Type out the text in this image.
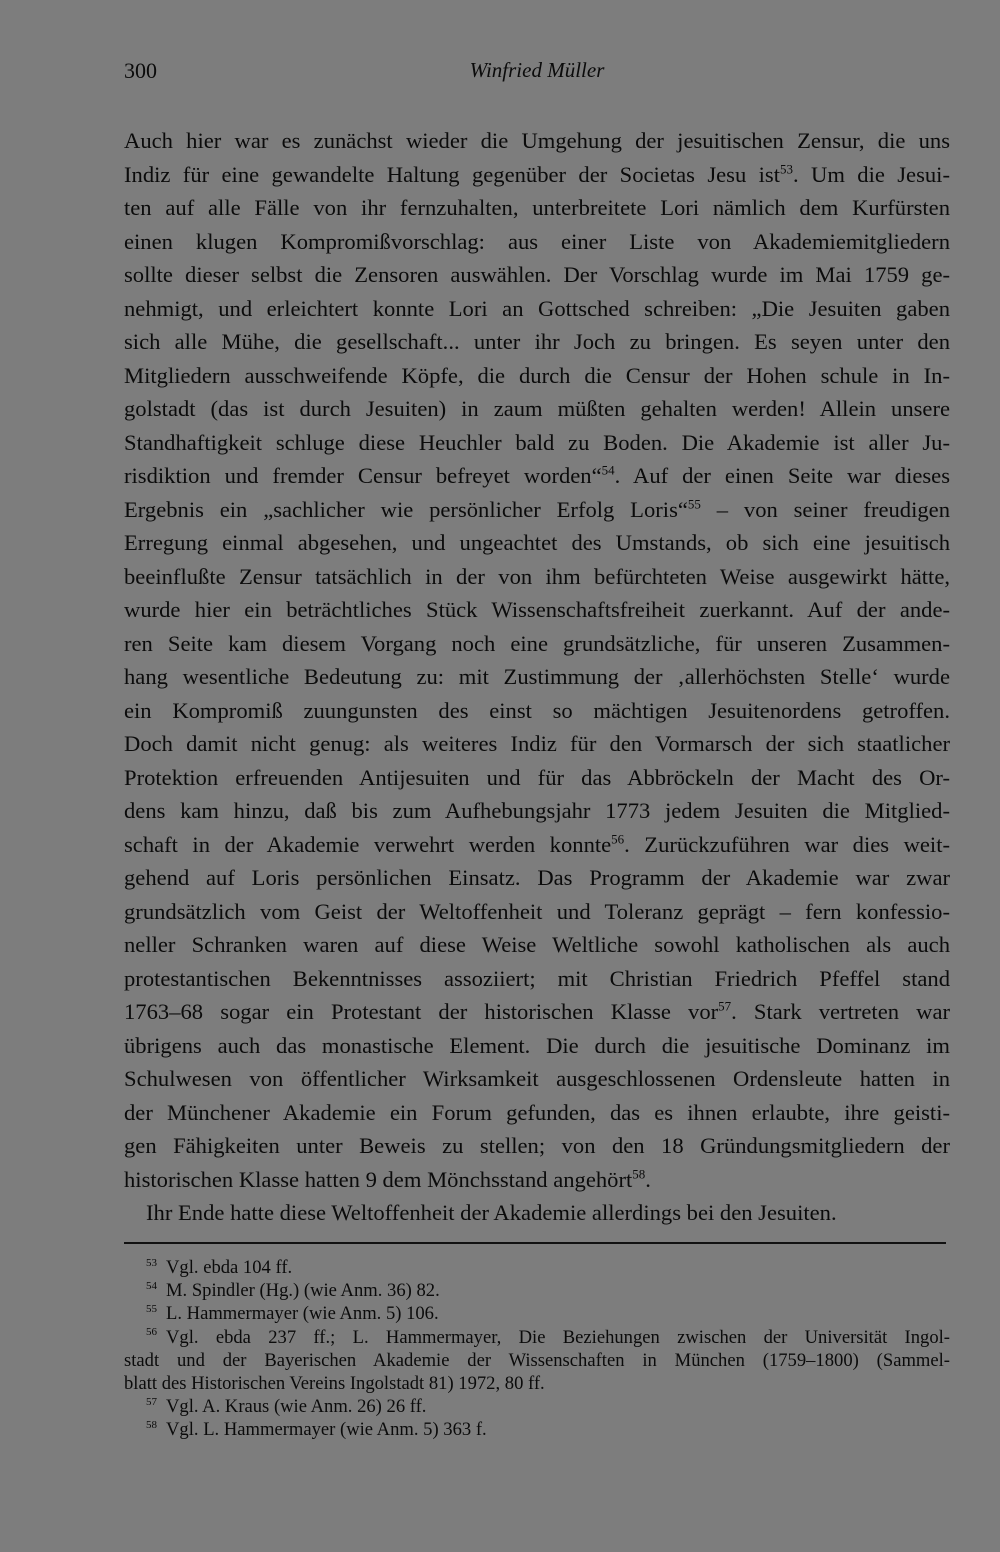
300	Winfried Müller
Auch hier war es zunächst wieder die Umgehung der jesuitischen Zensur, die uns
Indiz für eine gewandelte Haltung gegenüber der Societas Jesu ist$^{53}$. Um die Jesui-
ten auf alle Fälle von ihr fernzuhalten, unterbreitete Lori nämlich dem Kurfürsten
einen klugen Kompromißvorschlag: aus einer Liste von Akademiemitgliedern
sollte dieser selbst die Zensoren auswählen. Der Vorschlag wurde im Mai 1759 ge-
nehmigt, und erleichtert konnte Lori an Gottsched schreiben: „Die Jesuiten gaben
sich alle Mühe, die gesellschaft... unter ihr Joch zu bringen. Es seyen unter den
Mitgliedern ausschweifende Köpfe, die durch die Censur der Hohen schule in In-
golstadt (das ist durch Jesuiten) in zaum müßten gehalten werden! Allein unsere
Standhaftigkeit schluge diese Heuchler bald zu Boden. Die Akademie ist aller Ju-
risdiktion und fremder Censur befreyet worden“$^{54}$. Auf der einen Seite war dieses
Ergebnis ein „sachlicher wie persönlicher Erfolg Loris“$^{55}$ – von seiner freudigen
Erregung einmal abgesehen, und ungeachtet des Umstands, ob sich eine jesuitisch
beeinflußte Zensur tatsächlich in der von ihm befürchteten Weise ausgewirkt hätte,
wurde hier ein beträchtliches Stück Wissenschaftsfreiheit zuerkannt. Auf der ande-
ren Seite kam diesem Vorgang noch eine grundsätzliche, für unseren Zusammen-
hang wesentliche Bedeutung zu: mit Zustimmung der ‚allerhöchsten Stelle‘ wurde
ein Kompromiß zuungunsten des einst so mächtigen Jesuitenordens getroffen.
Doch damit nicht genug: als weiteres Indiz für den Vormarsch der sich staatlicher
Protektion erfreuenden Antijesuiten und für das Abbröckeln der Macht des Or-
dens kam hinzu, daß bis zum Aufhebungsjahr 1773 jedem Jesuiten die Mitglied-
schaft in der Akademie verwehrt werden konnte$^{56}$. Zurückzuführen war dies weit-
gehend auf Loris persönlichen Einsatz. Das Programm der Akademie war zwar
grundsätzlich vom Geist der Weltoffenheit und Toleranz geprägt – fern konfessio-
neller Schranken waren auf diese Weise Weltliche sowohl katholischen als auch
protestantischen Bekenntnisses assoziiert; mit Christian Friedrich Pfeffel stand
1763–68 sogar ein Protestant der historischen Klasse vor$^{57}$. Stark vertreten war
übrigens auch das monastische Element. Die durch die jesuitische Dominanz im
Schulwesen von öffentlicher Wirksamkeit ausgeschlossenen Ordensleute hatten in
der Münchener Akademie ein Forum gefunden, das es ihnen erlaubte, ihre geisti-
gen Fähigkeiten unter Beweis zu stellen; von den 18 Gründungsmitgliedern der
historischen Klasse hatten 9 dem Mönchsstand angehört$^{58}$.
Ihr Ende hatte diese Weltoffenheit der Akademie allerdings bei den Jesuiten.
$^{53}$ Vgl. ebda 104 ff.
$^{54}$ M. Spindler (Hg.) (wie Anm. 36) 82.
$^{55}$ L. Hammermayer (wie Anm. 5) 106.
$^{56}$ Vgl. ebda 237 ff.; L. Hammermayer, Die Beziehungen zwischen der Universität Ingol-
stadt und der Bayerischen Akademie der Wissenschaften in München (1759–1800) (Sammel-
blatt des Historischen Vereins Ingolstadt 81) 1972, 80 ff.
$^{57}$ Vgl. A. Kraus (wie Anm. 26) 26 ff.
$^{58}$ Vgl. L. Hammermayer (wie Anm. 5) 363 f.
